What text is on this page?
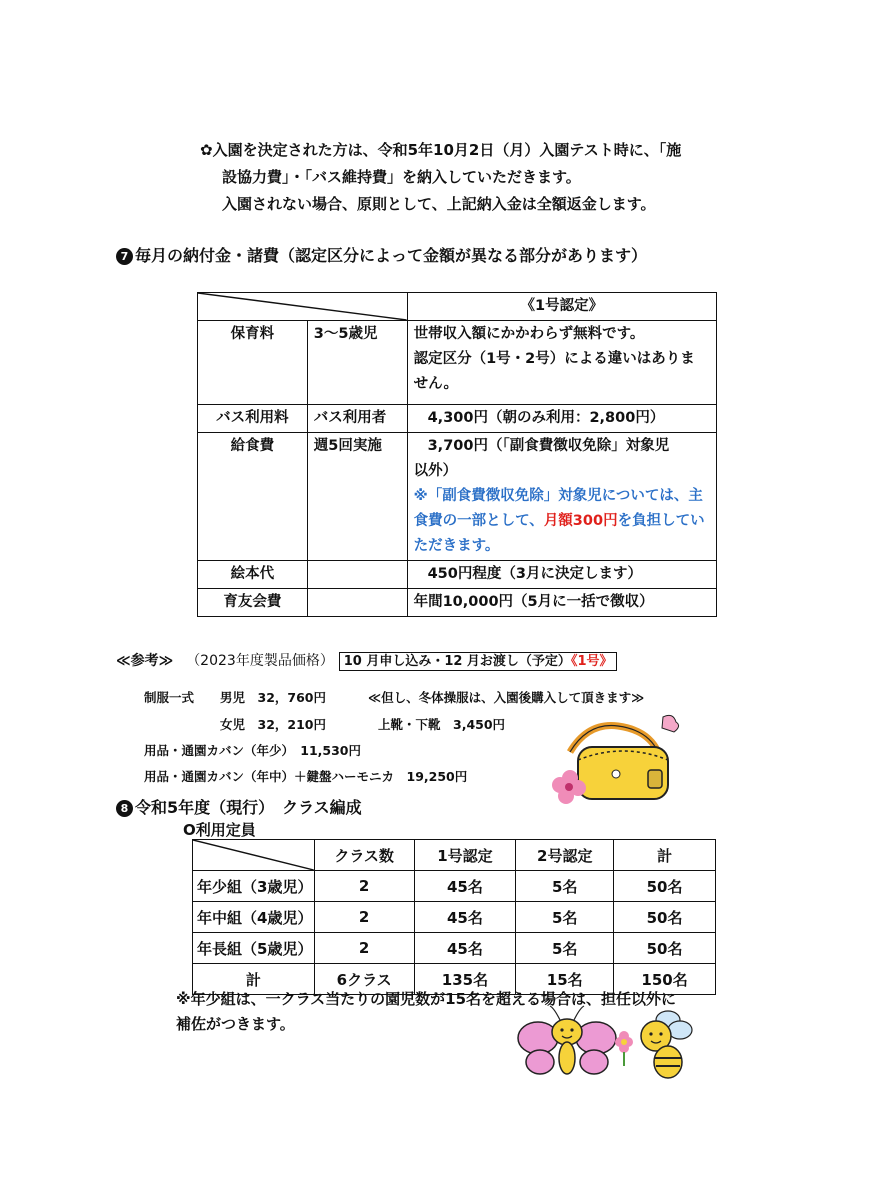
✿入園を決定された方は、令和5年10月2日（月）入園テスト時に、「施
設協力費」・「バス維持費」を納入していただきます。
入園されない場合、原則として、上記納入金は全額返金します。
7 毎月の納付金・諸費（認定区分によって金額が異なる部分があります）
	《1号認定》
保育料	3～5歳児	世帯収入額にかかわらず無料です。
認定区分（1号・2号）による違いはありま
せん。

バス利用料	バス利用者	4,300円（朝のみ利用：2,800円）
給食費	週5回実施	3,700円（「副食費徴収免除」対象児
以外）
※「副食費徴収免除」対象児については、主
食費の一部として、月額300円を負担してい
ただきます。

絵本代		450円程度（3月に決定します）
育友会費		年間10,000円（5月に一括で徴収）
≪参考≫ （2023年度製品価格） 10 月申し込み・12 月お渡し（予定）《1号》
制服一式 男児　32，760円	≪但し、冬体操服は、入園後購入して頂きます≫
女児　32，210円	上靴・下靴　3,450円
用品・通園カバン（年少）　11,530円
用品・通園カバン（年中）＋鍵盤ハーモニカ　19,250円
8 令和5年度（現行）　クラス編成
O利用定員
	クラス数	1号認定	2号認定	計
年少組（3歳児）	2	45名	5名	50名
年中組（4歳児）	2	45名	5名	50名
年長組（5歳児）	2	45名	5名	50名
計	6クラス	135名	15名	150名
※年少組は、一クラス当たりの園児数が15名を超える場合は、担任以外に
補佐がつきます。
